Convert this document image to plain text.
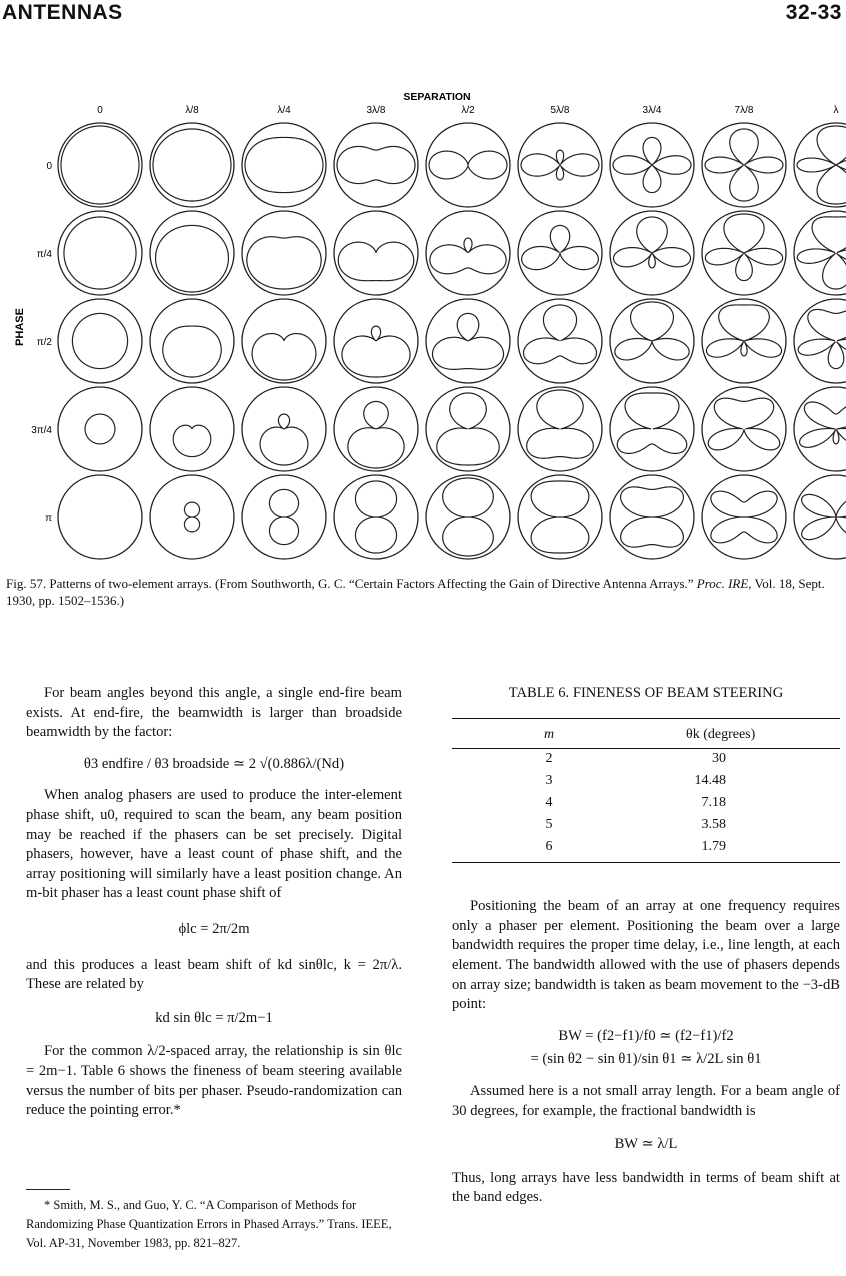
ANTENNAS	32-33
SEPARATION
PHASE
0	λ/8	λ/4	3λ/8	λ/2	5λ/8	3λ/4	7λ/8	λ
0
π/4
π/2
3π/4
π
Fig. 57. Patterns of two-element arrays. (From Southworth, G. C. “Certain Factors Affecting the Gain of Directive Antenna Arrays.” Proc. IRE, Vol. 18, Sept. 1930, pp. 1502–1536.)

For beam angles beyond this angle, a single end-fire beam exists. At end-fire, the beamwidth is larger than broadside beamwidth by the factor:

θ3 endfire / θ3 broadside ≃ 2 √(0.886λ/(Nd)

When analog phasers are used to produce the inter-element phase shift, u0, required to scan the beam, any beam position may be reached if the phasers can be set precisely. Digital phasers, however, have a least count of phase shift, and the array positioning will similarly have a least position change. An m-bit phaser has a least count phase shift of

ϕlc = 2π/2m

and this produces a least beam shift of kd sinθlc, k = 2π/λ. These are related by

kd sin θlc = π/2m−1

For the common λ/2-spaced array, the relationship is sin θlc = 2m−1. Table 6 shows the fineness of beam steering available versus the number of bits per phaser. Pseudo-randomization can reduce the pointing error.*

* Smith, M. S., and Guo, Y. C. “A Comparison of Methods for Randomizing Phase Quantization Errors in Phased Arrays.” Trans. IEEE, Vol. AP-31, November 1983, pp. 821–827.

TABLE 6. FINENESS OF BEAM STEERING

m	θk (degrees)
2	30
3	14.48
4	7.18
5	3.58
6	1.79

Positioning the beam of an array at one frequency requires only a phaser per element. Positioning the beam over a large bandwidth requires the proper time delay, i.e., line length, at each element. The bandwidth allowed with the use of phasers depends on array size; bandwidth is taken as beam movement to the −3-dB point:

BW = (f2−f1)/f0 ≃ (f2−f1)/f2

= (sin θ2 − sin θ1)/sin θ1 ≃ λ/2L sin θ1

Assumed here is a not small array length. For a beam angle of 30 degrees, for example, the fractional bandwidth is

BW ≃ λ/L

Thus, long arrays have less bandwidth in terms of beam shift at the band edges.
